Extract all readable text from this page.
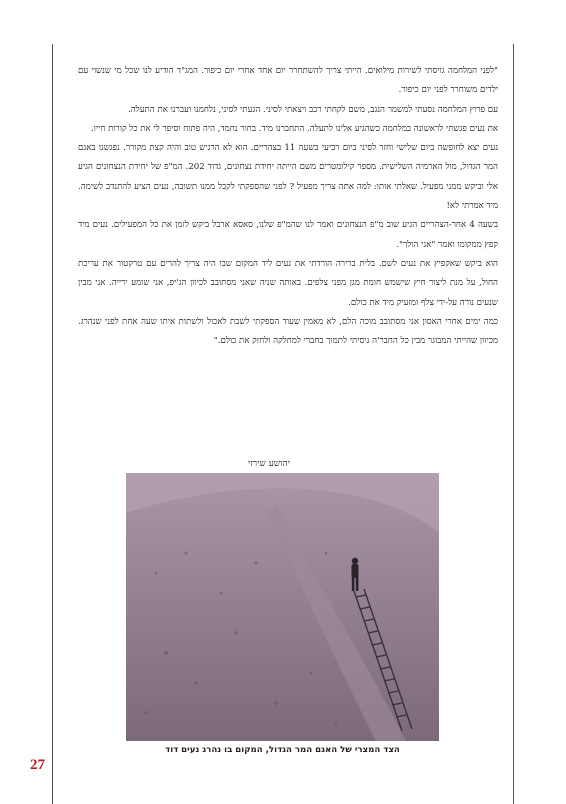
"לפני המלחמה גויסתי לשירות מילואים. הייתי צריך להשתחרר יום אחד אחרי יום כיפור. המג"ד הודיע לנו שכל מי שנשוי עם ילדים משוחרר לפני יום כיפור.

עם פרוץ המלחמה נסעתי למשמר הנגב, משם לקחתי רכב ויצאתי לסיני. הגעתי לסיני, נלחמנו ועברנו את התעלה.

את נעים פגשתי לראשונה במלחמה כשהגיע אלינו לתעלה. התחברנו מיד. בחור נחמד, היה פתוח וסיפר לי את כל קורות חייו.

נעים יצא לחופשה ביום שלישי וחזר לסיני ביום רביעי בשעה 11 בצהריים. הוא לא הרגיש טוב והיה קצת מקורר. נפגשנו באגם המר הגדול, מול הארמיה השלישית. מספר קילומטרים משם הייתה יחידת נצחונים, גדוד 202. המ"פ של יחידת הנצחונים הגיע אלי וביקש ממני מפעיל. שאלתי אותו: למה אתה צריך מפעיל ? לפני שהספקתי לקבל ממנו תשובה, נעים הציע להתנדב לשימה. מיד אמרתי לא!

בשעה 4 אחר-הצהריים הגיע שוב מ"פ הנצחונים ואמר לנו שהמ"פ שלנו, סאסא ארבל ביקש לזמן את כל המפעילים. נעים מיד קפץ ממקומו ואמר "אני הולך".

הוא ביקש שאקפיץ את נעים לשם. בלית ברירה הורדתי את נעים ליד המקום שבו היה צריך להרים עם טרקטור את עריכת החול, על מנת ליצור חיץ שישמש חומת מגן מפני צלפים. באותה שניה שאני מסתובב לכיוון הג'יפ, אני שומע ירייה. אני מבין שנעים נורה על-ידי צלף ומזעיק מיד את כולם.

כמה ימים אחרי האסון אני מסתובב מוכה הלם, לא מאמין שעוד הספקתי לשבת לאכול ולשתות איתו שעה אחת לפני שנהרג. מכיוון שהייתי המבוגר מבין כל החבר'ה ניסיתי לתמוך בחברי למחלקה ולחזק את כולם."

יהושע שירזי
הצד המצרי של האגם המר הגדול, המקום בו נהרג נעים דוד
27
